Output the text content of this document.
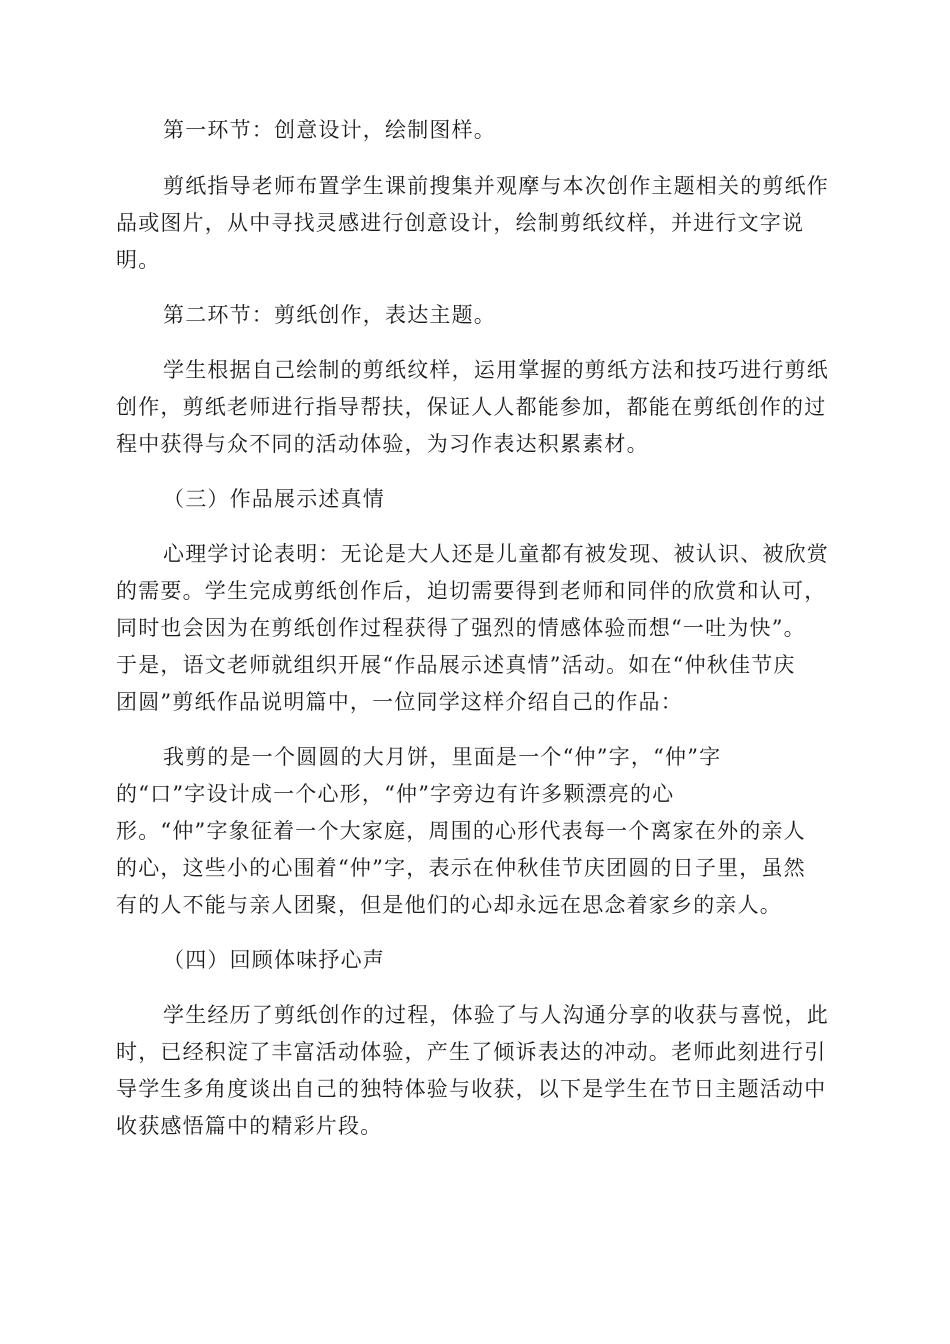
第一环节：创意设计，绘制图样。
剪纸指导老师布置学生课前搜集并观摩与本次创作主题相关的剪纸作
品或图片，从中寻找灵感进行创意设计，绘制剪纸纹样，并进行文字说
明。
第二环节：剪纸创作，表达主题。
学生根据自己绘制的剪纸纹样，运用掌握的剪纸方法和技巧进行剪纸
创作，剪纸老师进行指导帮扶，保证人人都能参加，都能在剪纸创作的过
程中获得与众不同的活动体验，为习作表达积累素材。
（三）作品展示述真情
心理学讨论表明：无论是大人还是儿童都有被发现、被认识、被欣赏
的需要。学生完成剪纸创作后，迫切需要得到老师和同伴的欣赏和认可，
同时也会因为在剪纸创作过程获得了强烈的情感体验而想“一吐为快”。
于是，语文老师就组织开展“作品展示述真情”活动。如在“仲秋佳节庆
团圆”剪纸作品说明篇中，一位同学这样介绍自己的作品：
我剪的是一个圆圆的大月饼，里面是一个“仲”字，“仲”字
的“口”字设计成一个心形，“仲”字旁边有许多颗漂亮的心
形。“仲”字象征着一个大家庭，周围的心形代表每一个离家在外的亲人
的心，这些小的心围着“仲”字，表示在仲秋佳节庆团圆的日子里，虽然
有的人不能与亲人团聚，但是他们的心却永远在思念着家乡的亲人。
（四）回顾体味抒心声
学生经历了剪纸创作的过程，体验了与人沟通分享的收获与喜悦，此
时，已经积淀了丰富活动体验，产生了倾诉表达的冲动。老师此刻进行引
导学生多角度谈出自己的独特体验与收获，以下是学生在节日主题活动中
收获感悟篇中的精彩片段。
